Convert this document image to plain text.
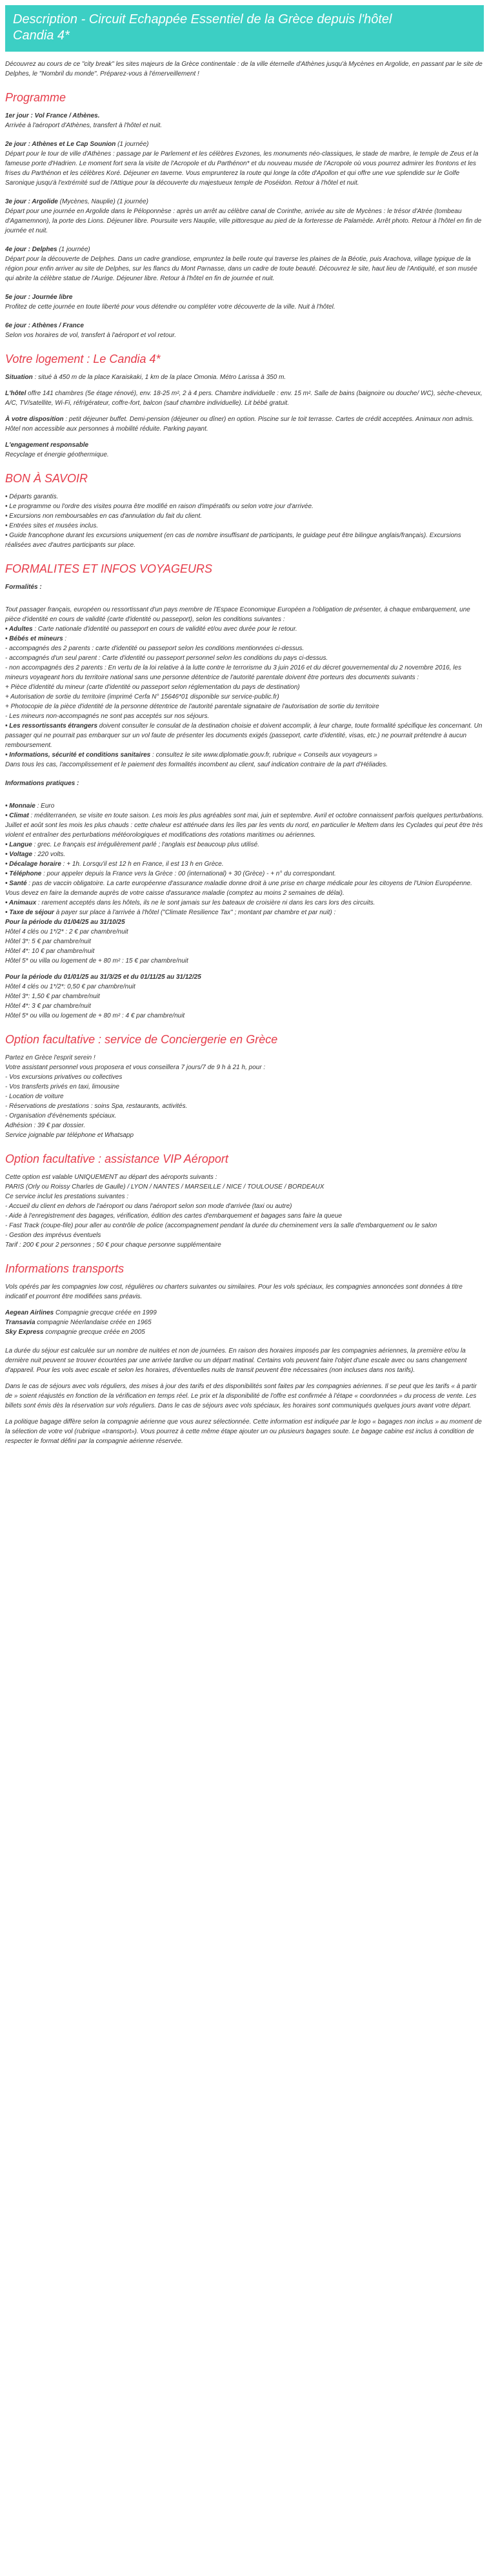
Description - Circuit Echappée Essentiel de la Grèce depuis l'hôtel
Candia 4*

Découvrez au cours de ce "city break" les sites majeurs de la Grèce continentale : de la ville éternelle d'Athènes jusqu'à Mycènes en Argolide, en passant par le site de Delphes, le "Nombril du monde". Préparez-vous à l'émerveillement !

Programme
1er jour : Vol France / Athènes.
Arrivée à l'aéroport d'Athènes, transfert à l'hôtel et nuit.
2e jour : Athènes et Le Cap Sounion (1 journée)
Départ pour le tour de ville d'Athènes : passage par le Parlement et les célèbres Evzones, les monuments néo-classiques, le stade de marbre, le temple de Zeus et la fameuse porte d'Hadrien. Le moment fort sera la visite de l'Acropole et du Parthénon* et du nouveau musée de l'Acropole où vous pourrez admirer les frontons et les frises du Parthénon et les célèbres Koré. Déjeuner en taverne. Vous emprunterez la route qui longe la côte d'Apollon et qui offre une vue splendide sur le Golfe Saronique jusqu'à l'extrémité sud de l'Attique pour la découverte du majestueux temple de Poséidon. Retour à l'hôtel et nuit.
3e jour : Argolide (Mycènes, Nauplie) (1 journée)
Départ pour une journée en Argolide dans le Péloponnèse : après un arrêt au célèbre canal de Corinthe, arrivée au site de Mycènes : le trésor d'Atrée (tombeau d'Agamemnon), la porte des Lions. Déjeuner libre. Poursuite vers Nauplie, ville pittoresque au pied de la forteresse de Palamède. Arrêt photo. Retour à l'hôtel en fin de journée et nuit.
4e jour : Delphes (1 journée)
Départ pour la découverte de Delphes. Dans un cadre grandiose, empruntez la belle route qui traverse les plaines de la Béotie, puis Arachova, village typique de la région pour enfin arriver au site de Delphes, sur les flancs du Mont Parnasse, dans un cadre de toute beauté. Découvrez le site, haut lieu de l'Antiquité, et son musée qui abrite la célèbre statue de l'Aurige. Déjeuner libre. Retour à l'hôtel en fin de journée et nuit.
5e jour : Journée libre
Profitez de cette journée en toute liberté pour vous détendre ou compléter votre découverte de la ville. Nuit à l'hôtel.
6e jour : Athènes / France
Selon vos horaires de vol, transfert à l'aéroport et vol retour.
Votre logement : Le Candia 4*

Situation : situé à 450 m de la place Karaiskaki, 1 km de la place Omonia. Métro Larissa à 350 m.

L'hôtel offre 141 chambres (5e étage rénové), env. 18-25 m², 2 à 4 pers. Chambre individuelle : env. 15 m². Salle de bains (baignoire ou douche/ WC), sèche-cheveux, A/C, TV/satellite, Wi-Fi, réfrigérateur, coffre-fort, balcon (sauf chambre individuelle). Lit bébé gratuit.

À votre disposition : petit déjeuner buffet. Demi-pension (déjeuner ou dîner) en option. Piscine sur le toit terrasse. Cartes de crédit acceptées. Animaux non admis. Hôtel non accessible aux personnes à mobilité réduite. Parking payant.

L'engagement responsable
Recyclage et énergie géothermique.

BON À SAVOIR
• Départs garantis.
• Le programme ou l'ordre des visites pourra être modifié en raison d'impératifs ou selon votre jour d'arrivée.
• Excursions non remboursables en cas d'annulation du fait du client.
• Entrées sites et musées inclus.
• Guide francophone durant les excursions uniquement (en cas de nombre insuffisant de participants, le guidage peut être bilingue anglais/français). Excursions réalisées avec d'autres participants sur place.
FORMALITES ET INFOS VOYAGEURS
Formalités :
Tout passager français, européen ou ressortissant d'un pays membre de l'Espace Economique Européen a l'obligation de présenter, à chaque embarquement, une pièce d'identité en cours de validité (carte d'identité ou passeport), selon les conditions suivantes :
• Adultes : Carte nationale d'identité ou passeport en cours de validité et/ou avec durée pour le retour.
• Bébés et mineurs :
- accompagnés des 2 parents : carte d'identité ou passeport selon les conditions mentionnées ci-dessus.
- accompagnés d'un seul parent : Carte d'identité ou passeport personnel selon les conditions du pays ci-dessus.
- non accompagnés des 2 parents : En vertu de la loi relative à la lutte contre le terrorisme du 3 juin 2016 et du décret gouvernemental du 2 novembre 2016, les mineurs voyageant hors du territoire national sans une personne détentrice de l'autorité parentale doivent être porteurs des documents suivants :
+ Pièce d'identité du mineur (carte d'identité ou passeport selon réglementation du pays de destination)
+ Autorisation de sortie du territoire (imprimé Cerfa N° 15646*01 disponible sur service-public.fr)
+ Photocopie de la pièce d'identité de la personne détentrice de l'autorité parentale signataire de l'autorisation de sortie du territoire
- Les mineurs non-accompagnés ne sont pas acceptés sur nos séjours.
• Les ressortissants étrangers doivent consulter le consulat de la destination choisie et doivent accomplir, à leur charge, toute formalité spécifique les concernant. Un passager qui ne pourrait pas embarquer sur un vol faute de présenter les documents exigés (passeport, carte d'identité, visas, etc.) ne pourrait prétendre à aucun remboursement.
• Informations, sécurité et conditions sanitaires : consultez le site www.diplomatie.gouv.fr, rubrique « Conseils aux voyageurs »
Dans tous les cas, l'accomplissement et le paiement des formalités incombent au client, sauf indication contraire de la part d'Héliades.
Informations pratiques :
• Monnaie : Euro
• Climat : méditerranéen, se visite en toute saison. Les mois les plus agréables sont mai, juin et septembre. Avril et octobre connaissent parfois quelques perturbations. Juillet et août sont les mois les plus chauds : cette chaleur est atténuée dans les îles par les vents du nord, en particulier le Meltem dans les Cyclades qui peut être très violent et entraîner des perturbations météorologiques et modifications des rotations maritimes ou aériennes.
• Langue : grec. Le français est irrégulièrement parlé ; l'anglais est beaucoup plus utilisé.
• Voltage : 220 volts.
• Décalage horaire : + 1h. Lorsqu'il est 12 h en France, il est 13 h en Grèce.
• Téléphone : pour appeler depuis la France vers la Grèce : 00 (international) + 30 (Grèce) - + n° du correspondant.
• Santé : pas de vaccin obligatoire. La carte européenne d'assurance maladie donne droit à une prise en charge médicale pour les citoyens de l'Union Européenne. Vous devez en faire la demande auprès de votre caisse d'assurance maladie (comptez au moins 2 semaines de délai).
• Animaux : rarement acceptés dans les hôtels, ils ne le sont jamais sur les bateaux de croisière ni dans les cars lors des circuits.
• Taxe de séjour à payer sur place à l'arrivée à l'hôtel ("Climate Resilience Tax" ; montant par chambre et par nuit) :
Pour la période du 01/04/25 au 31/10/25
Hôtel 4 clés ou 1*/2* : 2 € par chambre/nuit
Hôtel 3*: 5 € par chambre/nuit
Hôtel 4*: 10 € par chambre/nuit
Hôtel 5* ou villa ou logement de + 80 m² : 15 € par chambre/nuit
Pour la période du 01/01/25 au 31/3/25 et du 01/11/25 au 31/12/25
Hôtel 4 clés ou 1*/2*: 0,50 € par chambre/nuit
Hôtel 3*: 1,50 € par chambre/nuit
Hôtel 4*: 3 € par chambre/nuit
Hôtel 5* ou villa ou logement de + 80 m² : 4 € par chambre/nuit
Option facultative : service de Conciergerie en Grèce
Partez en Grèce l'esprit serein !
Votre assistant personnel vous proposera et vous conseillera 7 jours/7 de 9 h à 21 h, pour :
- Vos excursions privatives ou collectives
- Vos transferts privés en taxi, limousine
- Location de voiture
- Réservations de prestations : soins Spa, restaurants, activités.
- Organisation d'évènements spéciaux.
Adhésion : 39 € par dossier.
Service joignable par téléphone et Whatsapp
Option facultative : assistance VIP Aéroport
Cette option est valable UNIQUEMENT au départ des aéroports suivants :
PARIS (Orly ou Roissy Charles de Gaulle) / LYON / NANTES / MARSEILLE / NICE / TOULOUSE / BORDEAUX
Ce service inclut les prestations suivantes :
- Accueil du client en dehors de l'aéroport ou dans l'aéroport selon son mode d'arrivée (taxi ou autre)
- Aide à l'enregistrement des bagages, vérification, édition des cartes d'embarquement et bagages sans faire la queue
- Fast Track (coupe-file) pour aller au contrôle de police (accompagnement pendant la durée du cheminement vers la salle d'embarquement ou le salon
- Gestion des imprévus éventuels
Tarif : 200 € pour 2 personnes ; 50 € pour chaque personne supplémentaire
Informations transports

Vols opérés par les compagnies low cost, régulières ou charters suivantes ou similaires. Pour les vols spéciaux, les compagnies annoncées sont données à titre indicatif et pourront être modifiées sans préavis.

Aegean Airlines Compagnie grecque créée en 1999
Transavia compagnie Néerlandaise créée en 1965
Sky Express compagnie grecque créée en 2005

La durée du séjour est calculée sur un nombre de nuitées et non de journées. En raison des horaires imposés par les compagnies aériennes, la première et/ou la dernière nuit peuvent se trouver écourtées par une arrivée tardive ou un départ matinal. Certains vols peuvent faire l'objet d'une escale avec ou sans changement d'appareil. Pour les vols avec escale et selon les horaires, d'éventuelles nuits de transit peuvent être nécessaires (non incluses dans nos tarifs).

Dans le cas de séjours avec vols réguliers, des mises à jour des tarifs et des disponibilités sont faites par les compagnies aériennes. Il se peut que les tarifs « à partir de » soient réajustés en fonction de la vérification en temps réel. Le prix et la disponibilité de l'offre est confirmée à l'étape « coordonnées » du process de vente. Les billets sont émis dès la réservation sur vols réguliers. Dans le cas de séjours avec vols spéciaux, les horaires sont communiqués quelques jours avant votre départ.

La politique bagage diffère selon la compagnie aérienne que vous aurez sélectionnée. Cette information est indiquée par le logo « bagages non inclus » au moment de la sélection de votre vol (rubrique «transport»). Vous pourrez à cette même étape ajouter un ou plusieurs bagages soute. Le bagage cabine est inclus à condition de respecter le format défini par la compagnie aérienne réservée.
